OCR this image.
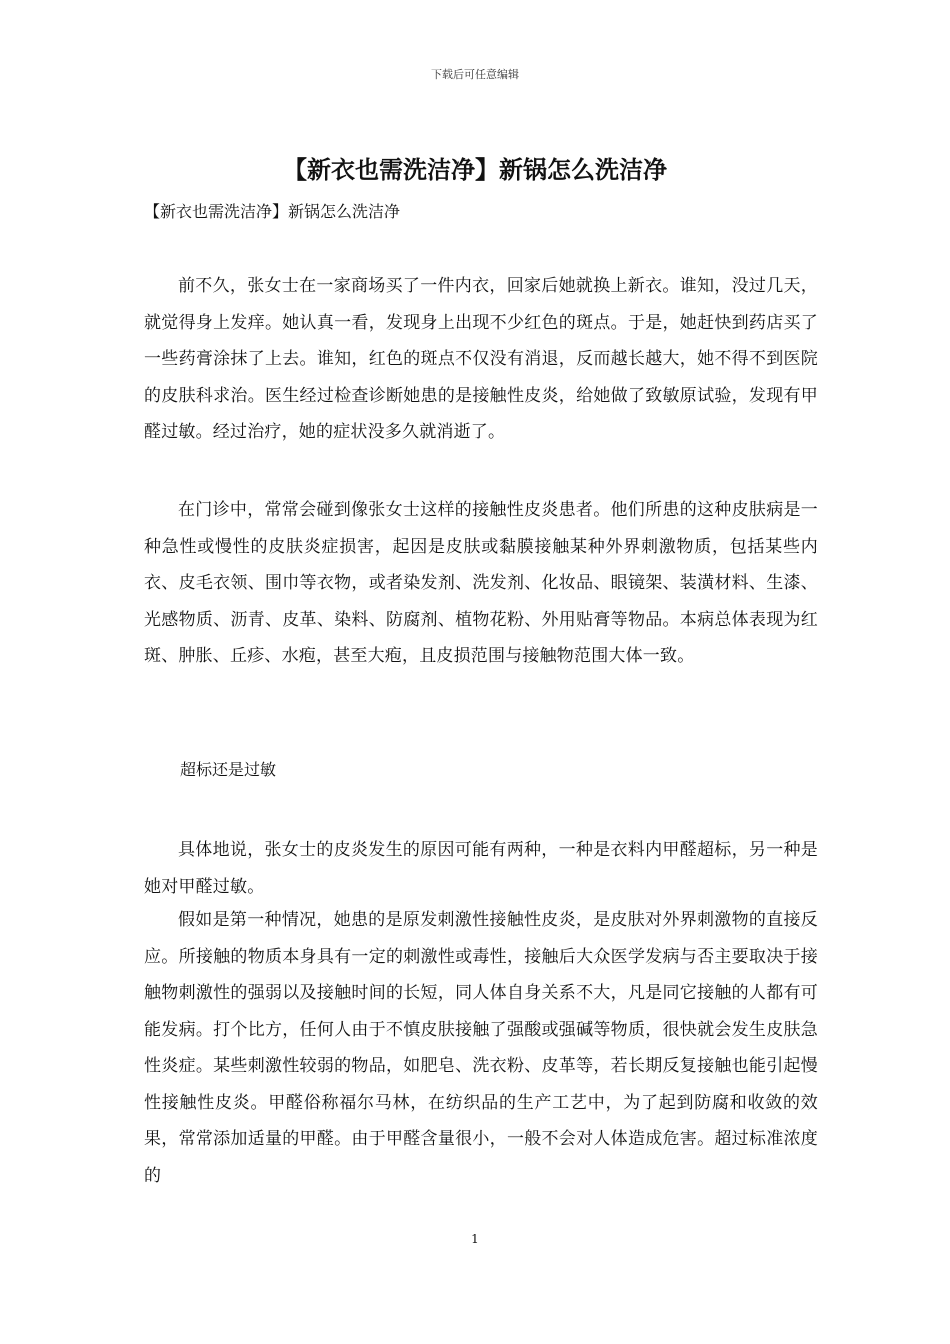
下载后可任意编辑
【新衣也需洗洁净】新锅怎么洗洁净
【新衣也需洗洁净】新锅怎么洗洁净

前不久，张女士在一家商场买了一件内衣，回家后她就换上新衣。谁知，没过几天，就觉得身上发痒。她认真一看，发现身上出现不少红色的斑点。于是，她赶快到药店买了一些药膏涂抹了上去。谁知，红色的斑点不仅没有消退，反而越长越大，她不得不到医院的皮肤科求治。医生经过检查诊断她患的是接触性皮炎，给她做了致敏原试验，发现有甲醛过敏。经过治疗，她的症状没多久就消逝了。

在门诊中，常常会碰到像张女士这样的接触性皮炎患者。他们所患的这种皮肤病是一种急性或慢性的皮肤炎症损害，起因是皮肤或黏膜接触某种外界刺激物质，包括某些内衣、皮毛衣领、围巾等衣物，或者染发剂、洗发剂、化妆品、眼镜架、装潢材料、生漆、光感物质、沥青、皮革、染料、防腐剂、植物花粉、外用贴膏等物品。本病总体表现为红斑、肿胀、丘疹、水疱，甚至大疱，且皮损范围与接触物范围大体一致。

超标还是过敏

具体地说，张女士的皮炎发生的原因可能有两种，一种是衣料内甲醛超标，另一种是她对甲醛过敏。

假如是第一种情况，她患的是原发刺激性接触性皮炎，是皮肤对外界刺激物的直接反应。所接触的物质本身具有一定的刺激性或毒性，接触后大众医学发病与否主要取决于接触物刺激性的强弱以及接触时间的长短，同人体自身关系不大，凡是同它接触的人都有可能发病。打个比方，任何人由于不慎皮肤接触了强酸或强碱等物质，很快就会发生皮肤急性炎症。某些刺激性较弱的物品，如肥皂、洗衣粉、皮革等，若长期反复接触也能引起慢性接触性皮炎。甲醛俗称福尔马林，在纺织品的生产工艺中，为了起到防腐和收敛的效果，常常添加适量的甲醛。由于甲醛含量很小，一般不会对人体造成危害。超过标准浓度的

1
